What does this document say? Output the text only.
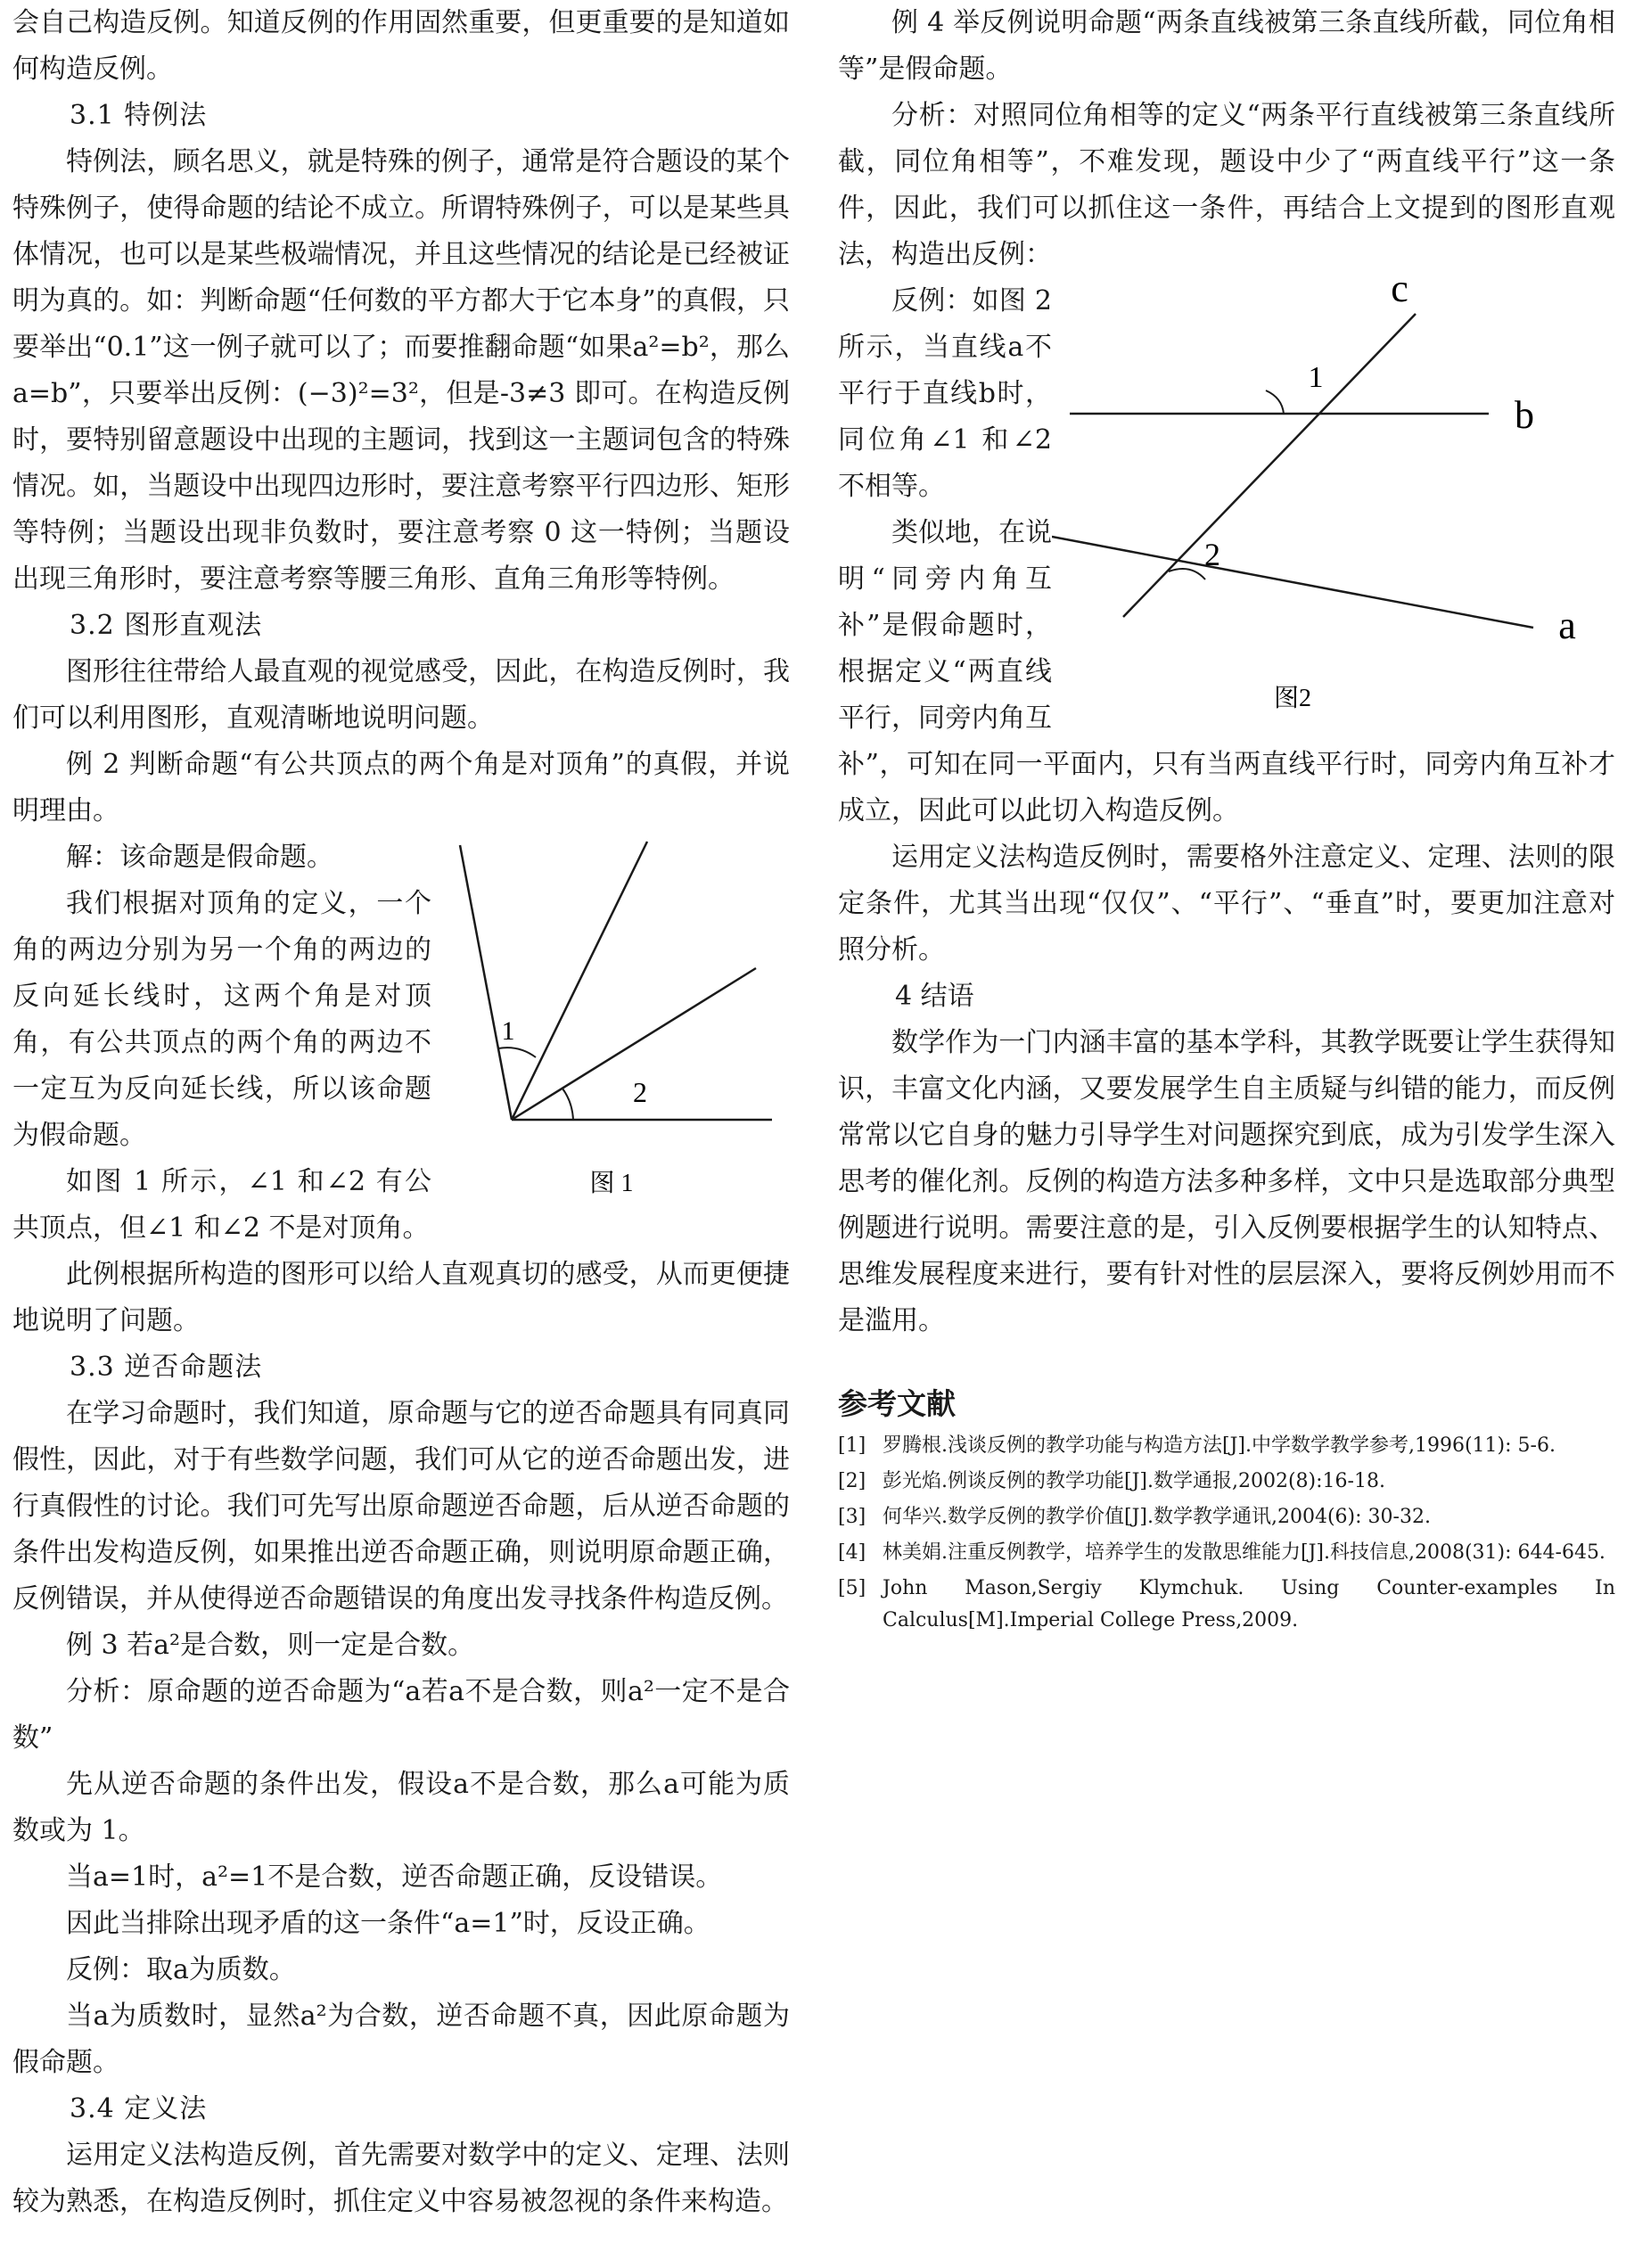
会自己构造反例。知道反例的作用固然重要，但更重要的是知道如何构造反例。

3.1 特例法

特例法，顾名思义，就是特殊的例子，通常是符合题设的某个特殊例子，使得命题的结论不成立。所谓特殊例子，可以是某些具体情况，也可以是某些极端情况，并且这些情况的结论是已经被证明为真的。如：判断命题“任何数的平方都大于它本身”的真假，只要举出“0.1”这一例子就可以了；而要推翻命题“如果a²=b²，那么a=b”，只要举出反例：(−3)²=3²，但是-3≠3 即可。在构造反例时，要特别留意题设中出现的主题词，找到这一主题词包含的特殊情况。如，当题设中出现四边形时，要注意考察平行四边形、矩形等特例；当题设出现非负数时，要注意考察 0 这一特例；当题设出现三角形时，要注意考察等腰三角形、直角三角形等特例。

3.2 图形直观法

图形往往带给人最直观的视觉感受，因此，在构造反例时，我们可以利用图形，直观清晰地说明问题。

例 2 判断命题“有公共顶点的两个角是对顶角”的真假，并说明理由。

1
2
图 1

解：该命题是假命题。

我们根据对顶角的定义，一个角的两边分别为另一个角的两边的反向延长线时，这两个角是对顶角，有公共顶点的两个角的两边不一定互为反向延长线，所以该命题为假命题。

如图 1 所示，∠1 和∠2 有公共顶点，但∠1 和∠2 不是对顶角。

此例根据所构造的图形可以给人直观真切的感受，从而更便捷地说明了问题。

3.3 逆否命题法

在学习命题时，我们知道，原命题与它的逆否命题具有同真同假性，因此，对于有些数学问题，我们可从它的逆否命题出发，进行真假性的讨论。我们可先写出原命题逆否命题，后从逆否命题的条件出发构造反例，如果推出逆否命题正确，则说明原命题正确，反例错误，并从使得逆否命题错误的角度出发寻找条件构造反例。

例 3 若a²是合数，则一定是合数。

分析：原命题的逆否命题为“a若a不是合数，则a²一定不是合数”

先从逆否命题的条件出发，假设a不是合数，那么a可能为质数或为 1。

当a=1时，a²=1不是合数，逆否命题正确，反设错误。

因此当排除出现矛盾的这一条件“a=1”时，反设正确。

反例：取a为质数。

当a为质数时，显然a²为合数，逆否命题不真，因此原命题为假命题。

3.4 定义法

运用定义法构造反例，首先需要对数学中的定义、定理、法则较为熟悉，在构造反例时，抓住定义中容易被忽视的条件来构造。

例 4 举反例说明命题“两条直线被第三条直线所截，同位角相等”是假命题。

分析：对照同位角相等的定义“两条平行直线被第三条直线所截，同位角相等”，不难发现，题设中少了“两直线平行”这一条件，因此，我们可以抓住这一条件，再结合上文提到的图形直观法，构造出反例：

c
b
a
1
2
图2

反例：如图 2 所示，当直线a不平行于直线b时，同位角∠1 和∠2 不相等。

类似地，在说明“同旁内角互补”是假命题时，根据定义“两直线平行，同旁内角互

补”，可知在同一平面内，只有当两直线平行时，同旁内角互补才成立，因此可以此切入构造反例。

运用定义法构造反例时，需要格外注意定义、定理、法则的限定条件，尤其当出现“仅仅”、“平行”、“垂直”时，要更加注意对照分析。

4 结语

数学作为一门内涵丰富的基本学科，其教学既要让学生获得知识，丰富文化内涵，又要发展学生自主质疑与纠错的能力，而反例常常以它自身的魅力引导学生对问题探究到底，成为引发学生深入思考的催化剂。反例的构造方法多种多样，文中只是选取部分典型例题进行说明。需要注意的是，引入反例要根据学生的认知特点、思维发展程度来进行，要有针对性的层层深入，要将反例妙用而不是滥用。

参考文献
[1] 罗腾根.浅谈反例的教学功能与构造方法[J].中学数学教学参考,1996(11): 5-6.
[2] 彭光焰.例谈反例的教学功能[J].数学通报,2002(8):16-18.
[3] 何华兴.数学反例的教学价值[J].数学教学通讯,2004(6): 30-32.
[4] 林美娟.注重反例教学，培养学生的发散思维能力[J].科技信息,2008(31): 644-645.
[5] John Mason,Sergiy Klymchuk. Using Counter-examples In Calculus[M].Imperial College Press,2009.
